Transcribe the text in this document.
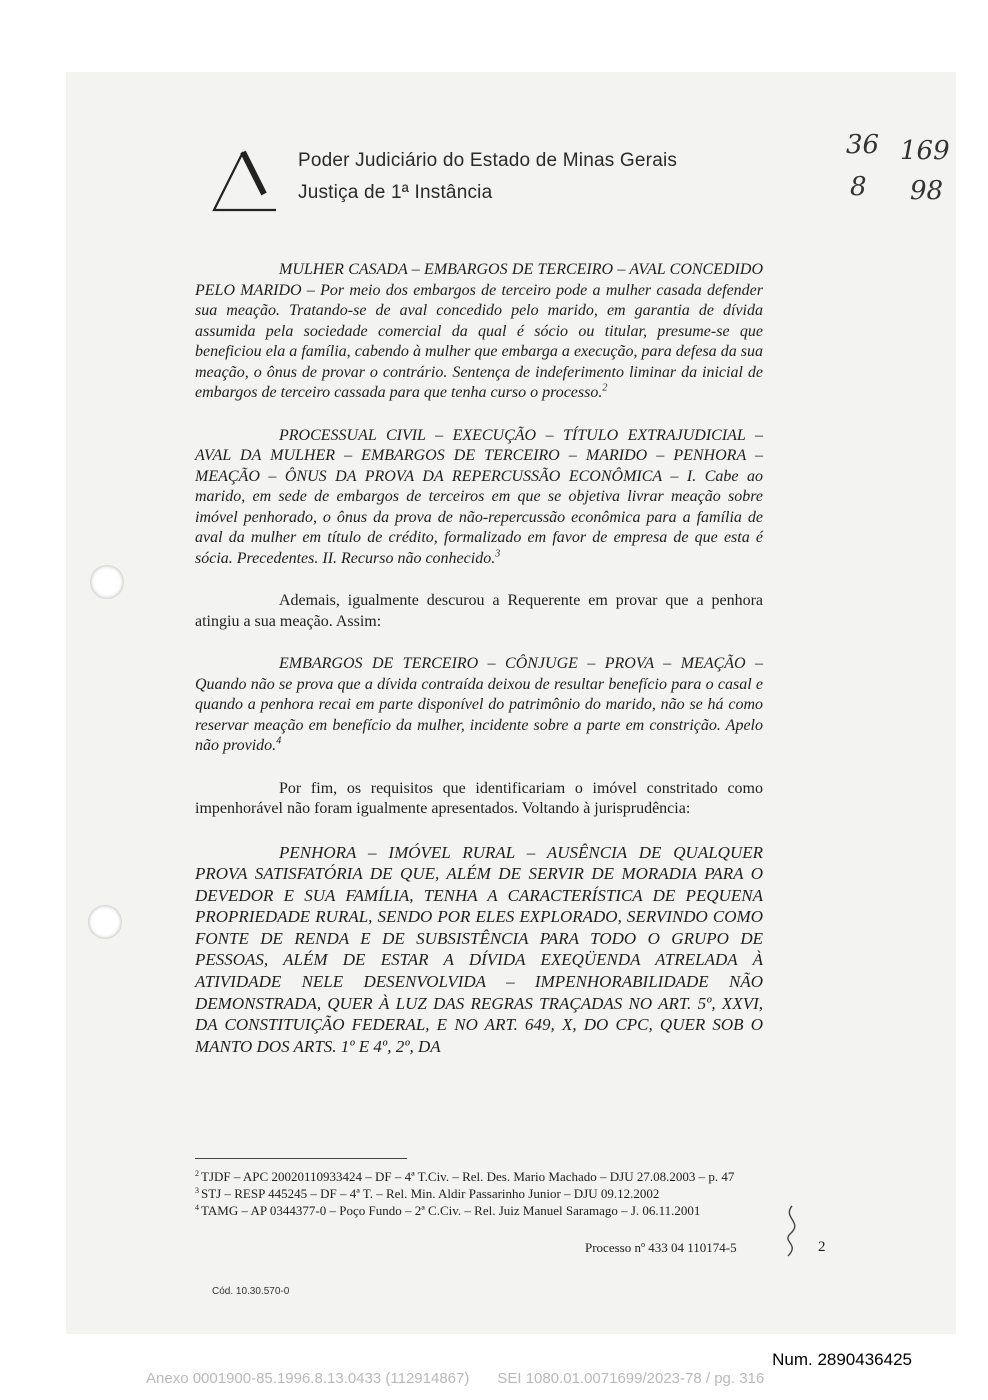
Poder Judiciário do Estado de Minas Gerais
Justiça de 1ª Instância
36 169
8 98

MULHER CASADA – EMBARGOS DE TERCEIRO – AVAL CONCEDIDO PELO MARIDO – Por meio dos embargos de terceiro pode a mulher casada defender sua meação. Tratando-se de aval concedido pelo marido, em garantia de dívida assumida pela sociedade comercial da qual é sócio ou titular, presume-se que beneficiou ela a família, cabendo à mulher que embarga a execução, para defesa da sua meação, o ônus de provar o contrário. Sentença de indeferimento liminar da inicial de embargos de terceiro cassada para que tenha curso o processo.$^2$

PROCESSUAL CIVIL – EXECUÇÃO – TÍTULO EXTRAJUDICIAL – AVAL DA MULHER – EMBARGOS DE TERCEIRO – MARIDO – PENHORA – MEAÇÃO – ÔNUS DA PROVA DA REPERCUSSÃO ECONÔMICA – I. Cabe ao marido, em sede de embargos de terceiros em que se objetiva livrar meação sobre imóvel penhorado, o ônus da prova de não-repercussão econômica para a família de aval da mulher em título de crédito, formalizado em favor de empresa de que esta é sócia. Precedentes. II. Recurso não conhecido.$^3$

Ademais, igualmente descurou a Requerente em provar que a penhora atingiu a sua meação. Assim:

EMBARGOS DE TERCEIRO – CÔNJUGE – PROVA – MEAÇÃO – Quando não se prova que a dívida contraída deixou de resultar benefício para o casal e quando a penhora recai em parte disponível do patrimônio do marido, não se há como reservar meação em benefício da mulher, incidente sobre a parte em constrição. Apelo não provido.$^4$

Por fim, os requisitos que identificariam o imóvel constritado como impenhorável não foram igualmente apresentados. Voltando à jurisprudência:

PENHORA – IMÓVEL RURAL – AUSÊNCIA DE QUALQUER PROVA SATISFATÓRIA DE QUE, ALÉM DE SERVIR DE MORADIA PARA O DEVEDOR E SUA FAMÍLIA, TENHA A CARACTERÍSTICA DE PEQUENA PROPRIEDADE RURAL, SENDO POR ELES EXPLORADO, SERVINDO COMO FONTE DE RENDA E DE SUBSISTÊNCIA PARA TODO O GRUPO DE PESSOAS, ALÉM DE ESTAR A DÍVIDA EXEQÜENDA ATRELADA À ATIVIDADE NELE DESENVOLVIDA – IMPENHORABILIDADE NÃO DEMONSTRADA, QUER À LUZ DAS REGRAS TRAÇADAS NO ART. 5º, XXVI, DA CONSTITUIÇÃO FEDERAL, E NO ART. 649, X, DO CPC, QUER SOB O MANTO DOS ARTS. 1º E 4º, 2º, DA

$^2$ TJDF – APC 20020110933424 – DF – 4ª T.Civ. – Rel. Des. Mario Machado – DJU 27.08.2003 – p. 47
$^3$ STJ – RESP 445245 – DF – 4ª T. – Rel. Min. Aldir Passarinho Junior – DJU 09.12.2002
$^4$ TAMG – AP 0344377-0 – Poço Fundo – 2ª C.Civ. – Rel. Juiz Manuel Saramago – J. 06.11.2001
Processo nº 433 04 110174-5	2
Cód. 10.30.570-0
Num. 2890436425
Anexo 0001900-85.1996.8.13.0433 (112914867) SEI 1080.01.0071699/2023-78 / pg. 316
